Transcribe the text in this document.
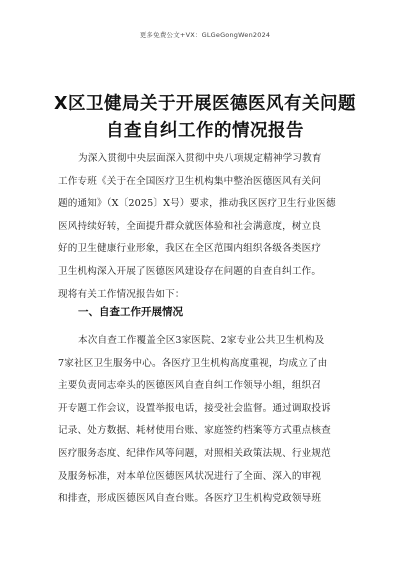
更多免费公文+VX：GLGeGongWen2024
X区卫健局关于开展医德医风有关问题
自查自纠工作的情况报告
为深入贯彻中央层面深入贯彻中央八项规定精神学习教育
工作专班《关于在全国医疗卫生机构集中整治医德医风有关问
题的通知》（X〔2025〕X号）要求，推动我区医疗卫生行业医德
医风持续好转，全面提升群众就医体验和社会满意度，树立良
好的卫生健康行业形象，我区在全区范围内组织各级各类医疗
卫生机构深入开展了医德医风建设存在问题的自查自纠工作。
现将有关工作情况报告如下：
一、自查工作开展情况
本次自查工作覆盖全区3家医院、2家专业公共卫生机构及
7家社区卫生服务中心。各医疗卫生机构高度重视，均成立了由
主要负责同志牵头的医德医风自查自纠工作领导小组，组织召
开专题工作会议，设置举报电话，接受社会监督。通过调取投诉
记录、处方数据、耗材使用台账、家庭签约档案等方式重点核查
医疗服务态度、纪律作风等问题，对照相关政策法规、行业规范
及服务标准，对本单位医德医风状况进行了全面、深入的审视
和排查，形成医德医风自查台账。各医疗卫生机构党政领导班
